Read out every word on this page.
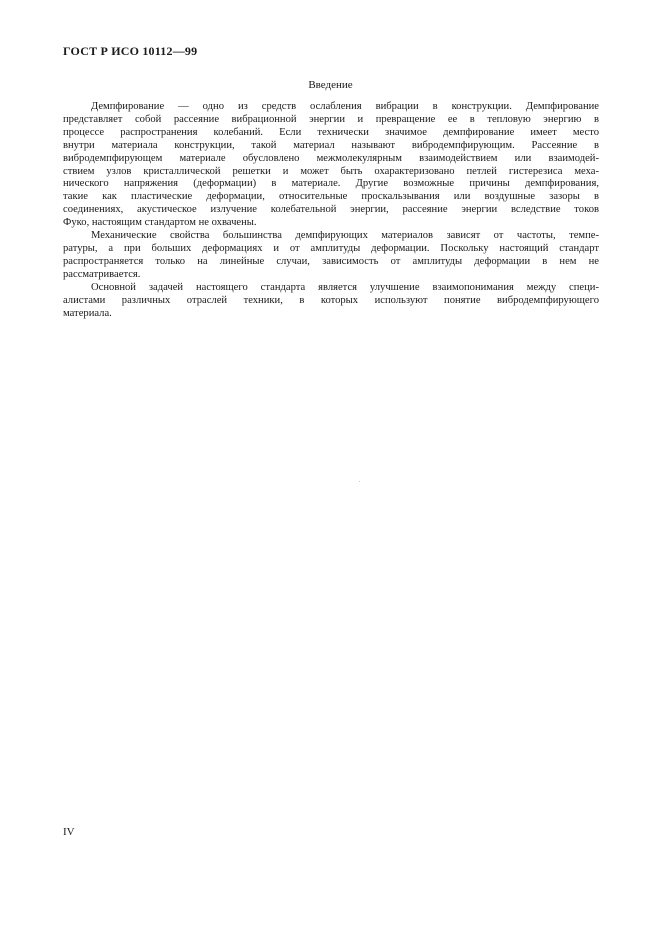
ГОСТ Р ИСО 10112—99
Введение

Демпфирование — одно из средств ослабления вибрации в конструкции. Демпфирование
представляет собой рассеяние вибрационной энергии и превращение ее в тепловую энергию в
процессе распространения колебаний. Если технически значимое демпфирование имеет место
внутри материала конструкции, такой материал называют вибродемпфирующим. Рассеяние в
вибродемпфирующем материале обусловлено межмолекулярным взаимодействием или взаимодей-
ствием узлов кристаллической решетки и может быть охарактеризовано петлей гистерезиса меха-
нического напряжения (деформации) в материале. Другие возможные причины демпфирования,
такие как пластические деформации, относительные проскальзывания или воздушные зазоры в
соединениях, акустическое излучение колебательной энергии, рассеяние энергии вследствие токов
Фуко, настоящим стандартом не охвачены.

Механические свойства большинства демпфирующих материалов зависят от частоты, темпе-
ратуры, а при больших деформациях и от амплитуды деформации. Поскольку настоящий стандарт
распространяется только на линейные случаи, зависимость от амплитуды деформации в нем не
рассматривается.

Основной задачей настоящего стандарта является улучшение взаимопонимания между специ-
алистами различных отраслей техники, в которых используют понятие вибродемпфирующего
материала.

IV
